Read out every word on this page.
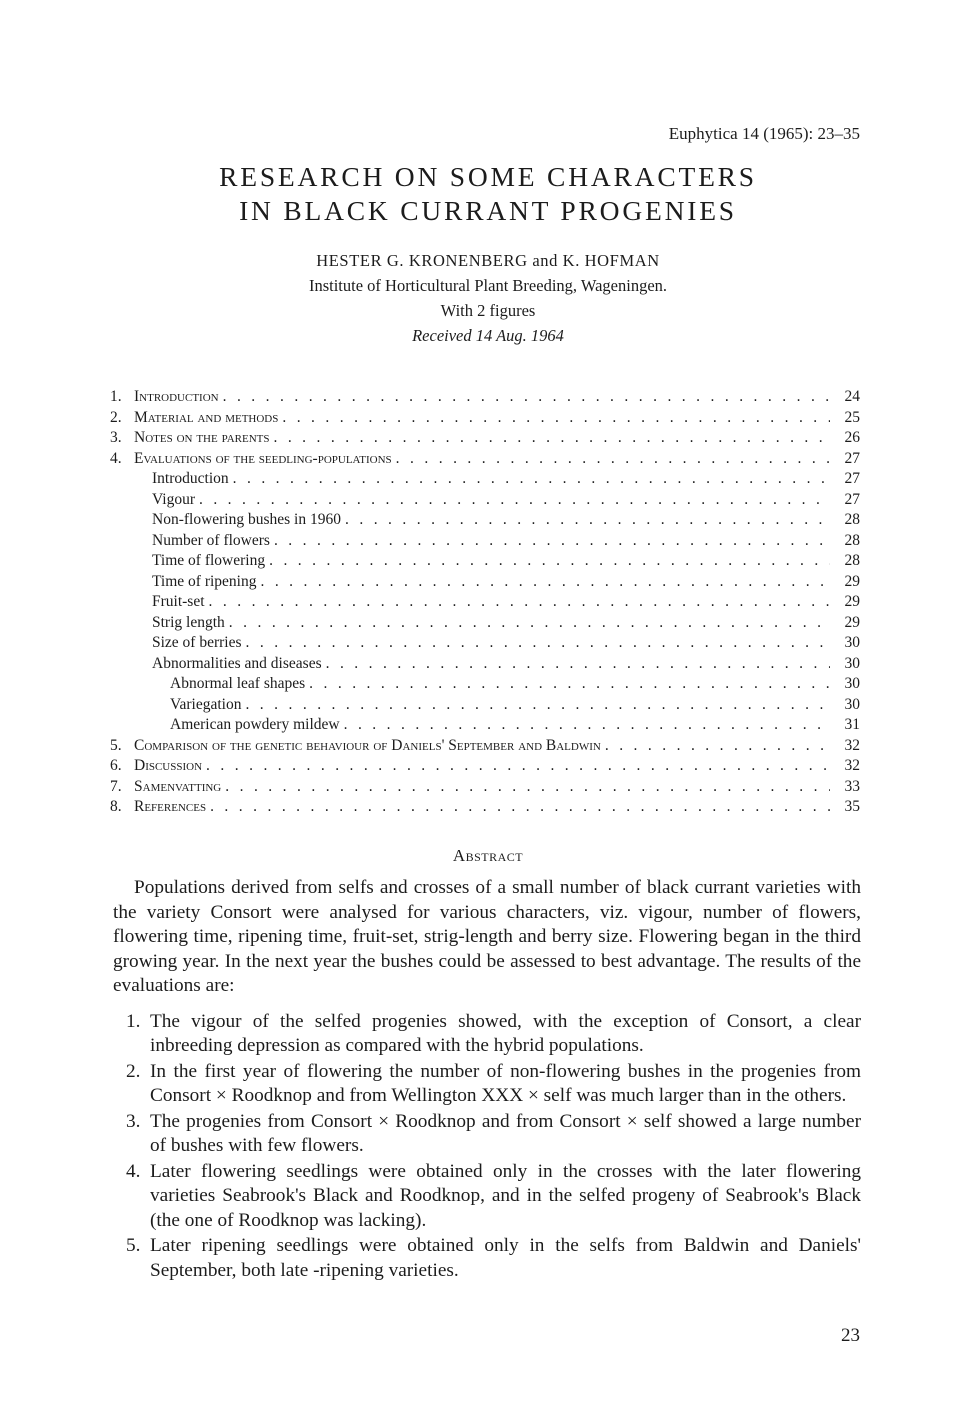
Euphytica 14 (1965): 23–35

RESEARCH ON SOME CHARACTERS

IN BLACK CURRANT PROGENIES

HESTER G. KRONENBERG and K. HOFMAN
Institute of Horticultural Plant Breeding, Wageningen.
With 2 figures
Received 14 Aug. 1964
1. Introduction . . .	24
2. Material and methods . . .	25
3. Notes on the parents . . .	26
4. Evaluations of the seedling-populations . . .	27
Introduction . . .	27
Vigour . . .	27
Non-flowering bushes in 1960 . . .	28
Number of flowers . . .	28
Time of flowering . . .	28
Time of ripening . . .	29
Fruit-set . . .	29
Strig length . . .	29
Size of berries . . .	30
Abnormalities and diseases . . .	30
Abnormal leaf shapes . . .	30
Variegation . . .	30
American powdery mildew . . .	31
5. Comparison of the genetic behaviour of Daniels' September and Baldwin . . .	32
6. Discussion . . .	32
7. Samenvatting . . .	33
8. References . . .	35
Abstract

Populations derived from selfs and crosses of a small number of black currant varieties with the variety Consort were analysed for various characters, viz. vigour, number of flowers, flowering time, ripening time, fruit-set, strig-length and berry size. Flowering began in the third growing year. In the next year the bushes could be assessed to best advantage. The results of the evaluations are:

1. The vigour of the selfed progenies showed, with the exception of Consort, a clear inbreeding depression as compared with the hybrid populations.
2. In the first year of flowering the number of non-flowering bushes in the progenies from Consort × Roodknop and from Wellington XXX × self was much larger than in the others.
3. The progenies from Consort × Roodknop and from Consort × self showed a large number of bushes with few flowers.
4. Later flowering seedlings were obtained only in the crosses with the later flowering varieties Seabrook's Black and Roodknop, and in the selfed progeny of Seabrook's Black (the one of Roodknop was lacking).
5. Later ripening seedlings were obtained only in the selfs from Baldwin and Daniels' September, both late -ripening varieties.
23
